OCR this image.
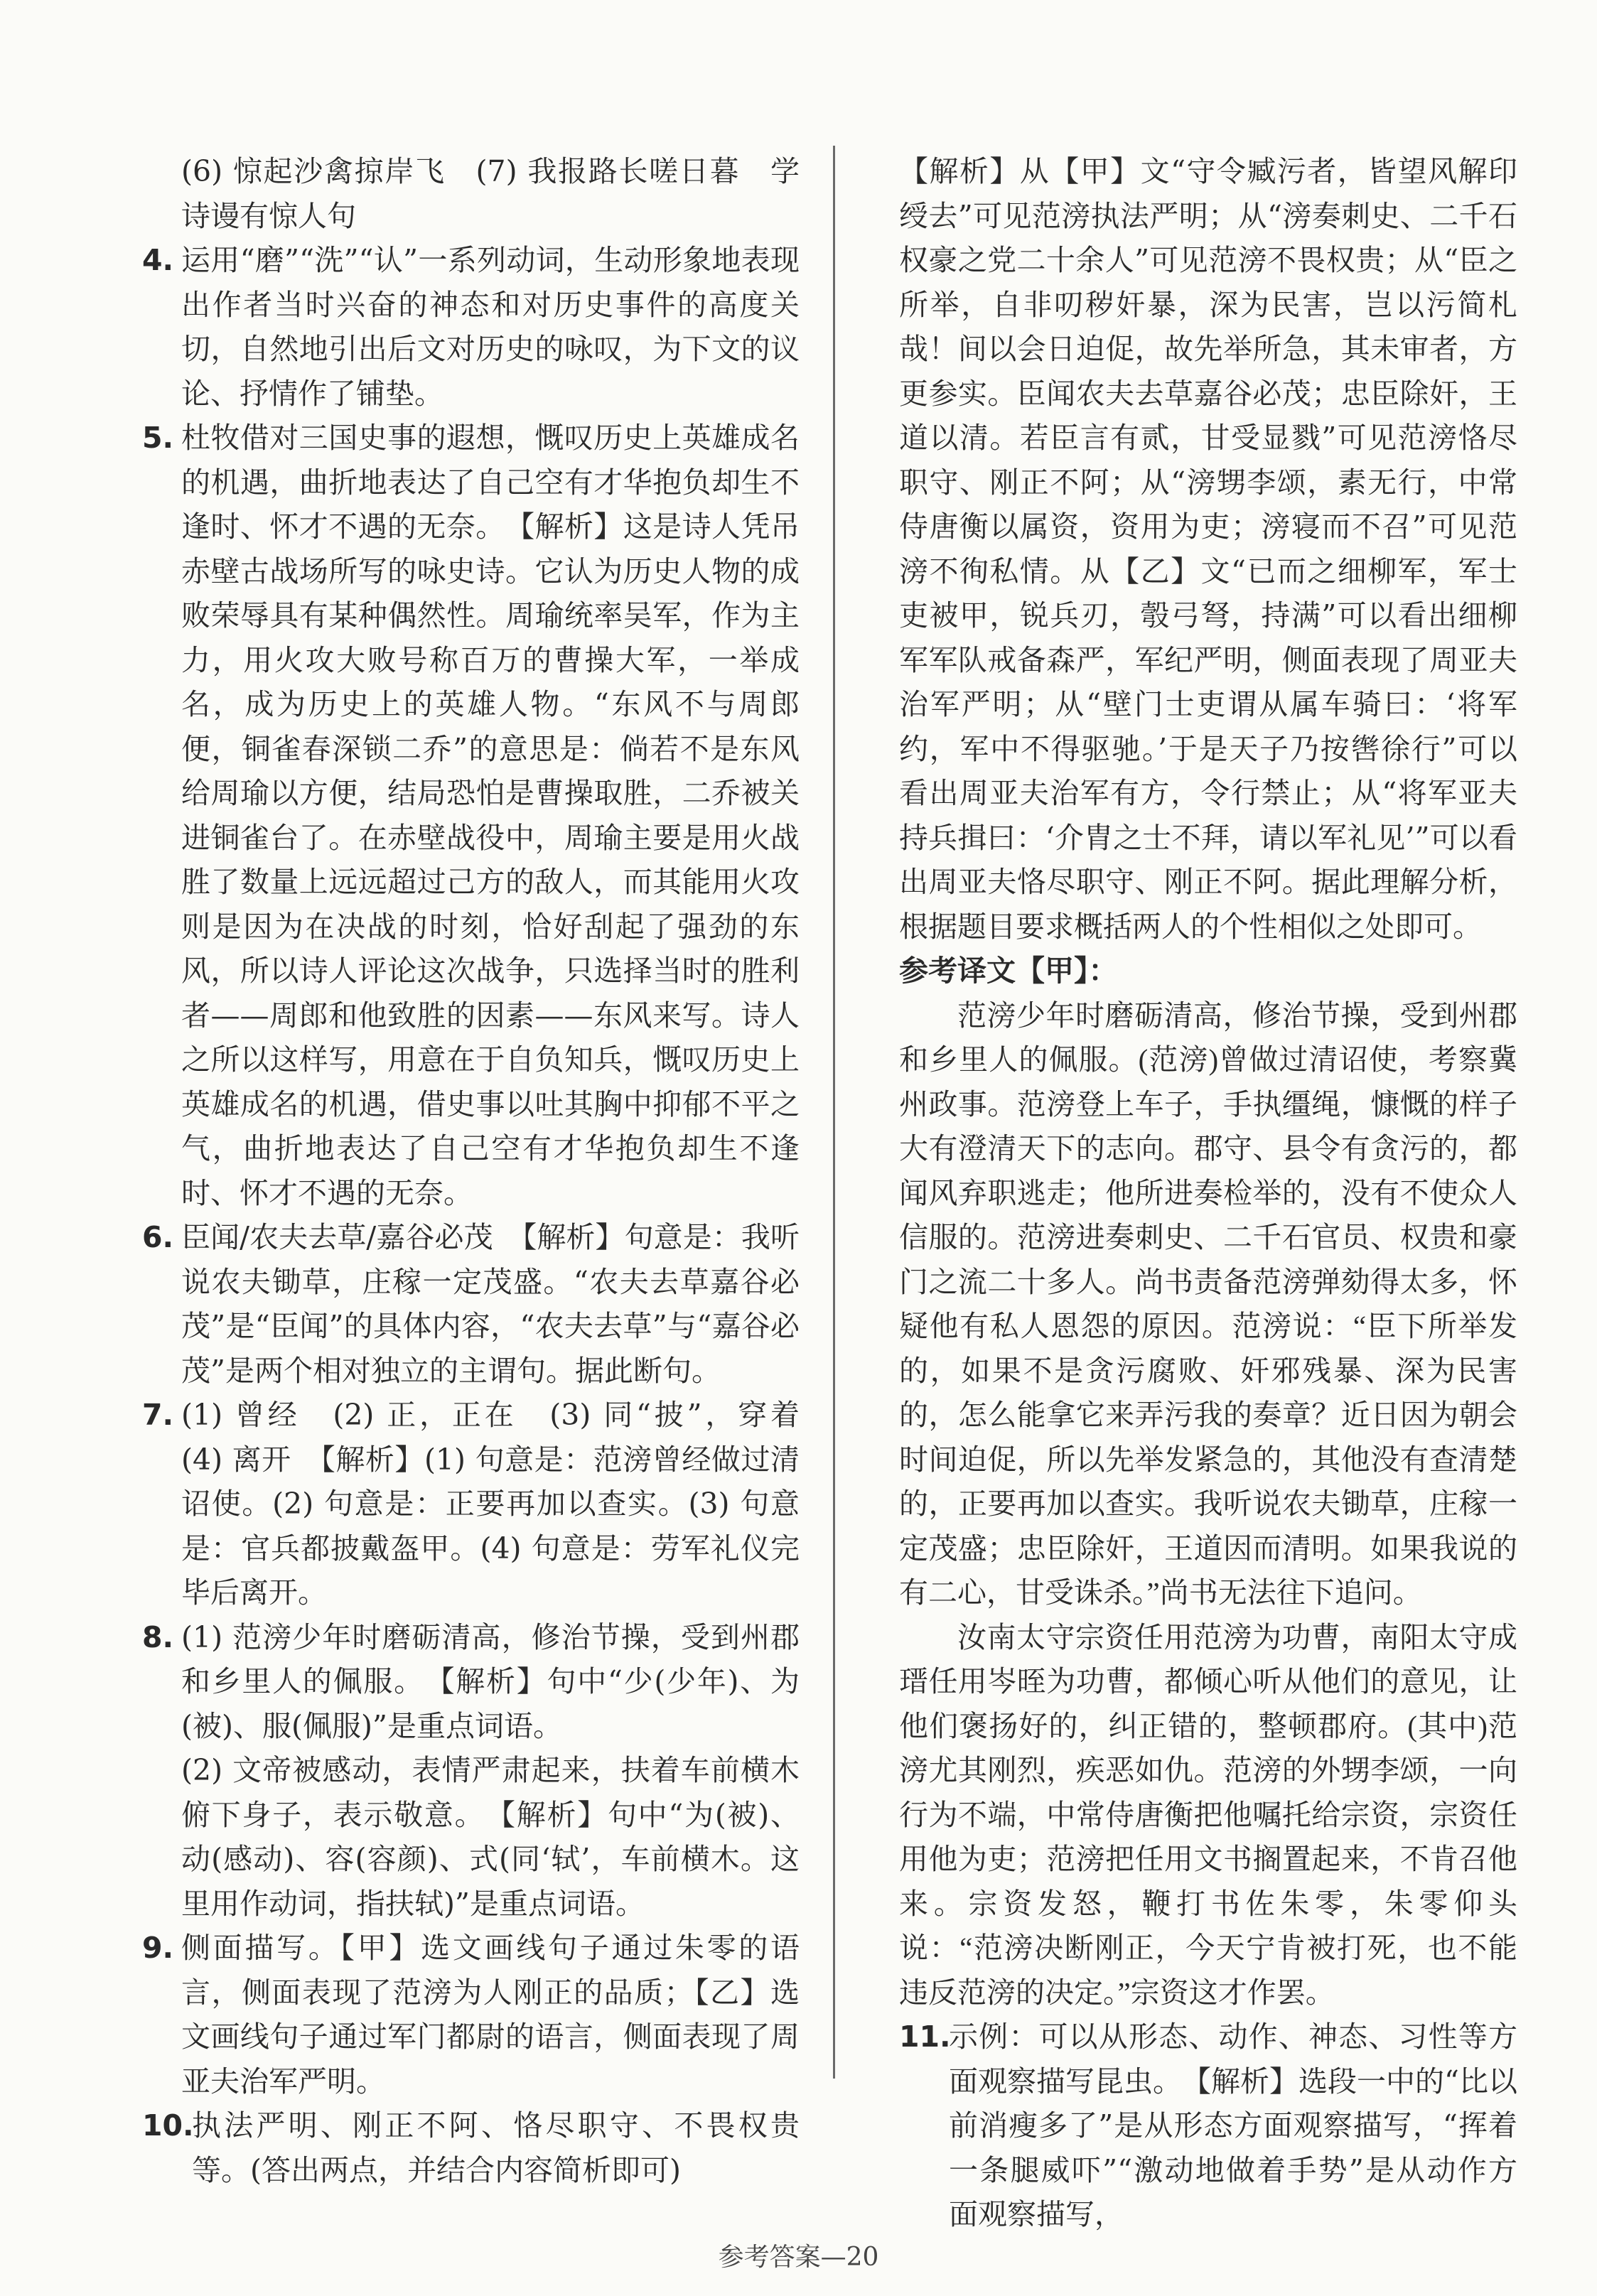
(6) 惊起沙禽掠岸飞　(7) 我报路长嗟日暮　学诗谩有惊人句

4. 运用“磨”“洗”“认”一系列动词，生动形象地表现出作者当时兴奋的神态和对历史事件的高度关切，自然地引出后文对历史的咏叹，为下文的议论、抒情作了铺垫。

5. 杜牧借对三国史事的遐想，慨叹历史上英雄成名的机遇，曲折地表达了自己空有才华抱负却生不逢时、怀才不遇的无奈。　【解析】这是诗人凭吊赤壁古战场所写的咏史诗。它认为历史人物的成败荣辱具有某种偶然性。周瑜统率吴军，作为主力，用火攻大败号称百万的曹操大军，一举成名，成为历史上的英雄人物。“东风不与周郎便，铜雀春深锁二乔”的意思是：倘若不是东风给周瑜以方便，结局恐怕是曹操取胜，二乔被关进铜雀台了。在赤壁战役中，周瑜主要是用火战胜了数量上远远超过己方的敌人，而其能用火攻则是因为在决战的时刻，恰好刮起了强劲的东风，所以诗人评论这次战争，只选择当时的胜利者——周郎和他致胜的因素——东风来写。诗人之所以这样写，用意在于自负知兵，慨叹历史上英雄成名的机遇，借史事以吐其胸中抑郁不平之气，曲折地表达了自己空有才华抱负却生不逢时、怀才不遇的无奈。

6. 臣闻/农夫去草/嘉谷必茂　【解析】句意是：我听说农夫锄草，庄稼一定茂盛。“农夫去草嘉谷必茂”是“臣闻”的具体内容，“农夫去草”与“嘉谷必茂”是两个相对独立的主谓句。据此断句。

7. (1) 曾经　(2) 正，正在　(3) 同“披”，穿着　(4) 离开　【解析】(1) 句意是：范滂曾经做过清诏使。(2) 句意是：正要再加以查实。(3) 句意是：官兵都披戴盔甲。(4) 句意是：劳军礼仪完毕后离开。

8. (1) 范滂少年时磨砺清高，修治节操，受到州郡和乡里人的佩服。　【解析】句中“少(少年)、为(被)、服(佩服)”是重点词语。

(2) 文帝被感动，表情严肃起来，扶着车前横木俯下身子，表示敬意。　【解析】句中“为(被)、动(感动)、容(容颜)、式(同‘轼’，车前横木。这里用作动词，指扶轼)”是重点词语。

9. 侧面描写。【甲】选文画线句子通过朱零的语言，侧面表现了范滂为人刚正的品质；【乙】选文画线句子通过军门都尉的语言，侧面表现了周亚夫治军严明。

10.

执法严明、刚正不阿、恪尽职守、不畏权贵等。(答出两点，并结合内容简析即可)

【解析】从【甲】文“守令臧污者，皆望风解印绶去”可见范滂执法严明；从“滂奏刺史、二千石权豪之党二十余人”可见范滂不畏权贵；从“臣之所举，自非叨秽奸暴，深为民害，岂以污简札哉！间以会日迫促，故先举所急，其未审者，方更参实。臣闻农夫去草嘉谷必茂；忠臣除奸，王道以清。若臣言有贰，甘受显戮”可见范滂恪尽职守、刚正不阿；从“滂甥李颂，素无行，中常侍唐衡以属资，资用为吏；滂寝而不召”可见范滂不徇私情。从【乙】文“已而之细柳军，军士吏被甲，锐兵刃，彀弓弩，持满”可以看出细柳军军队戒备森严，军纪严明，侧面表现了周亚夫治军严明；从“壁门士吏谓从属车骑曰：‘将军约，军中不得驱驰。’于是天子乃按辔徐行”可以看出周亚夫治军有方，令行禁止；从“将军亚夫持兵揖曰：‘介胄之士不拜，请以军礼见’”可以看出周亚夫恪尽职守、刚正不阿。据此理解分析，根据题目要求概括两人的个性相似之处即可。

参考译文【甲】：

范滂少年时磨砺清高，修治节操，受到州郡和乡里人的佩服。(范滂)曾做过清诏使，考察冀州政事。范滂登上车子，手执缰绳，慷慨的样子大有澄清天下的志向。郡守、县令有贪污的，都闻风弃职逃走；他所进奏检举的，没有不使众人信服的。范滂进奏刺史、二千石官员、权贵和豪门之流二十多人。尚书责备范滂弹劾得太多，怀疑他有私人恩怨的原因。范滂说：“臣下所举发的，如果不是贪污腐败、奸邪残暴、深为民害的，怎么能拿它来弄污我的奏章？近日因为朝会时间迫促，所以先举发紧急的，其他没有查清楚的，正要再加以查实。我听说农夫锄草，庄稼一定茂盛；忠臣除奸，王道因而清明。如果我说的有二心，甘受诛杀。”尚书无法往下追问。

汝南太守宗资任用范滂为功曹，南阳太守成瑨任用岑晊为功曹，都倾心听从他们的意见，让他们褒扬好的，纠正错的，整顿郡府。(其中)范滂尤其刚烈，疾恶如仇。范滂的外甥李颂，一向行为不端，中常侍唐衡把他嘱托给宗资，宗资任用他为吏；范滂把任用文书搁置起来，不肯召他来。宗资发怒，鞭打书佐朱零，朱零仰头说：“范滂决断刚正，今天宁肯被打死，也不能违反范滂的决定。”宗资这才作罢。

11.

示例：可以从形态、动作、神态、习性等方面观察描写昆虫。　【解析】选段一中的“比以前消瘦多了”是从形态方面观察描写，“挥着一条腿威吓”“激动地做着手势”是从动作方面观察描写，

参考答案—20
